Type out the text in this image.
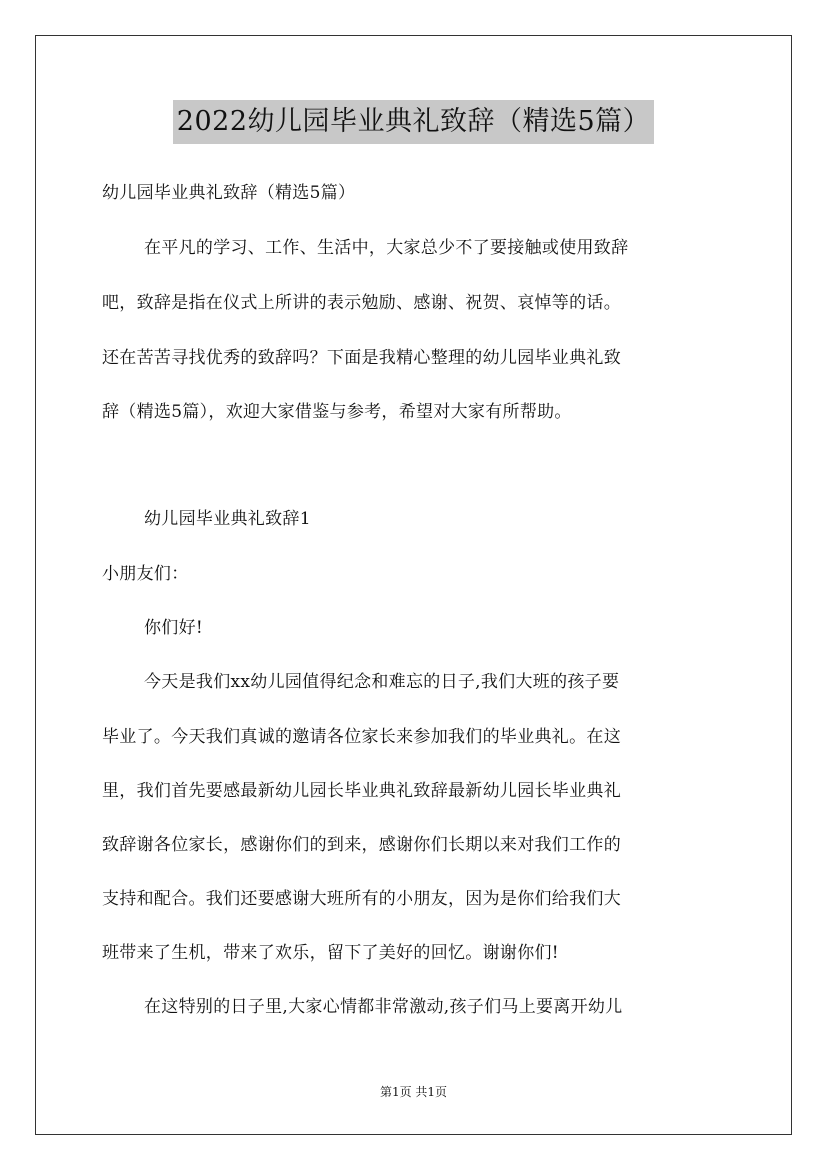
2022幼儿园毕业典礼致辞（精选5篇）
幼儿园毕业典礼致辞（精选5篇）
在平凡的学习、工作、生活中，大家总少不了要接触或使用致辞
吧，致辞是指在仪式上所讲的表示勉励、感谢、祝贺、哀悼等的话。
还在苦苦寻找优秀的致辞吗？下面是我精心整理的幼儿园毕业典礼致
辞（精选5篇），欢迎大家借鉴与参考，希望对大家有所帮助。
幼儿园毕业典礼致辞1
小朋友们：
你们好!
今天是我们xx幼儿园值得纪念和难忘的日子,我们大班的孩子要
毕业了。今天我们真诚的邀请各位家长来参加我们的毕业典礼。在这
里，我们首先要感最新幼儿园长毕业典礼致辞最新幼儿园长毕业典礼
致辞谢各位家长，感谢你们的到来，感谢你们长期以来对我们工作的
支持和配合。我们还要感谢大班所有的小朋友，因为是你们给我们大
班带来了生机，带来了欢乐，留下了美好的回忆。谢谢你们!
在这特别的日子里,大家心情都非常激动,孩子们马上要离开幼儿
第1页 共1页
